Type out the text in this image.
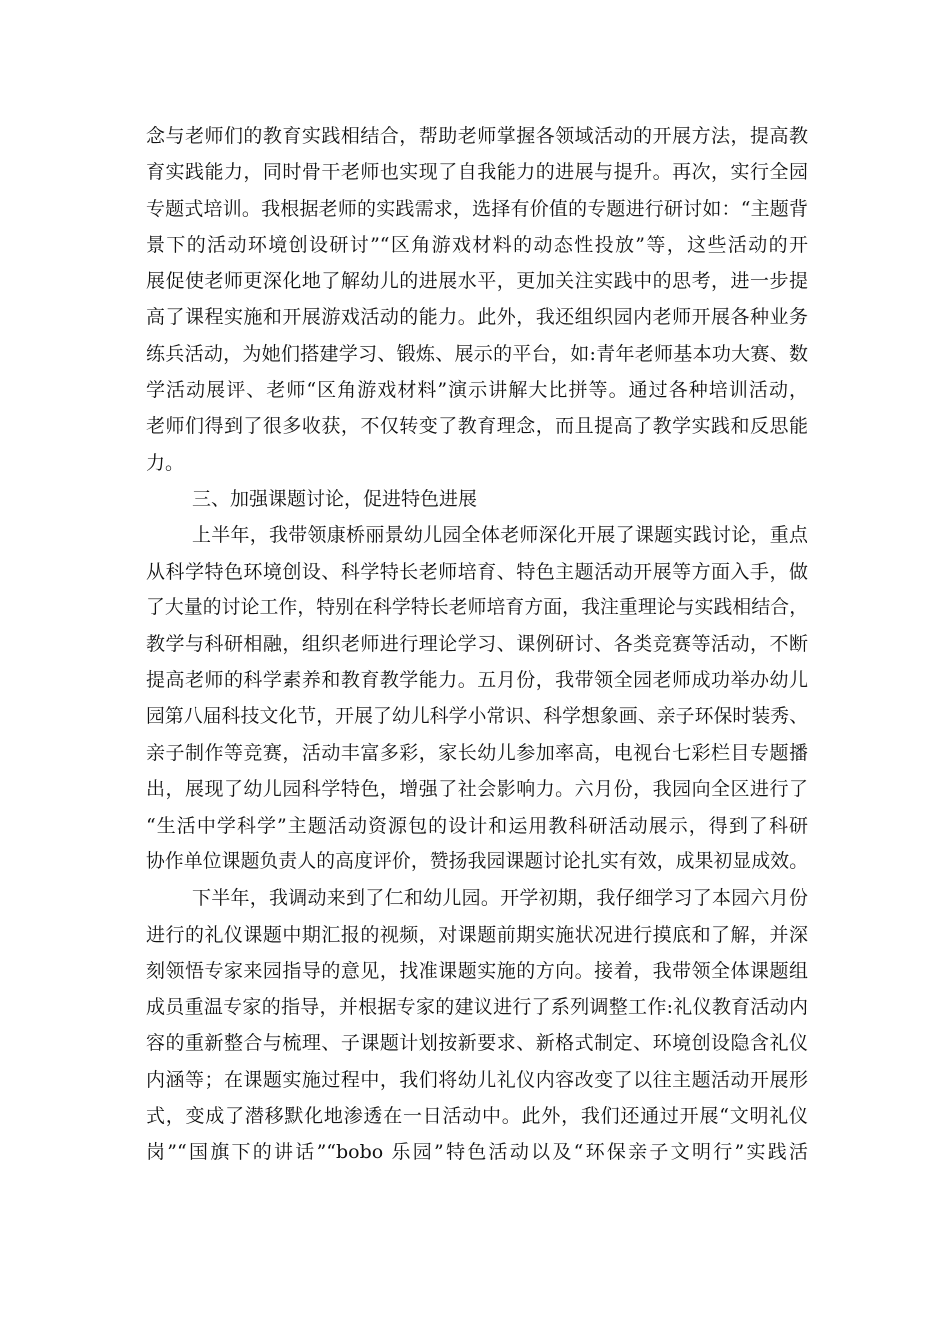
念与老师们的教育实践相结合，帮助老师掌握各领域活动的开展方法，提高教
育实践能力，同时骨干老师也实现了自我能力的进展与提升。再次，实行全园
专题式培训。我根据老师的实践需求，选择有价值的专题进行研讨如：“主题背
景下的活动环境创设研讨”“区角游戏材料的动态性投放”等，这些活动的开
展促使老师更深化地了解幼儿的进展水平，更加关注实践中的思考，进一步提
高了课程实施和开展游戏活动的能力。此外，我还组织园内老师开展各种业务
练兵活动，为她们搭建学习、锻炼、展示的平台，如:青年老师基本功大赛、数
学活动展评、老师“区角游戏材料”演示讲解大比拼等。通过各种培训活动，
老师们得到了很多收获，不仅转变了教育理念，而且提高了教学实践和反思能
力。
三、加强课题讨论，促进特色进展
上半年，我带领康桥丽景幼儿园全体老师深化开展了课题实践讨论，重点
从科学特色环境创设、科学特长老师培育、特色主题活动开展等方面入手，做
了大量的讨论工作，特别在科学特长老师培育方面，我注重理论与实践相结合，
教学与科研相融，组织老师进行理论学习、课例研讨、各类竞赛等活动，不断
提高老师的科学素养和教育教学能力。五月份，我带领全园老师成功举办幼儿
园第八届科技文化节，开展了幼儿科学小常识、科学想象画、亲子环保时装秀、
亲子制作等竞赛，活动丰富多彩，家长幼儿参加率高，电视台七彩栏目专题播
出，展现了幼儿园科学特色，增强了社会影响力。六月份，我园向全区进行了
“生活中学科学”主题活动资源包的设计和运用教科研活动展示，得到了科研
协作单位课题负责人的高度评价，赞扬我园课题讨论扎实有效，成果初显成效。
下半年，我调动来到了仁和幼儿园。开学初期，我仔细学习了本园六月份
进行的礼仪课题中期汇报的视频，对课题前期实施状况进行摸底和了解，并深
刻领悟专家来园指导的意见，找准课题实施的方向。接着，我带领全体课题组
成员重温专家的指导，并根据专家的建议进行了系列调整工作:礼仪教育活动内
容的重新整合与梳理、子课题计划按新要求、新格式制定、环境创设隐含礼仪
内涵等；在课题实施过程中，我们将幼儿礼仪内容改变了以往主题活动开展形
式，变成了潜移默化地渗透在一日活动中。此外，我们还通过开展“文明礼仪
岗”“国旗下的讲话”“bobo 乐园”特色活动以及“环保亲子文明行”实践活
